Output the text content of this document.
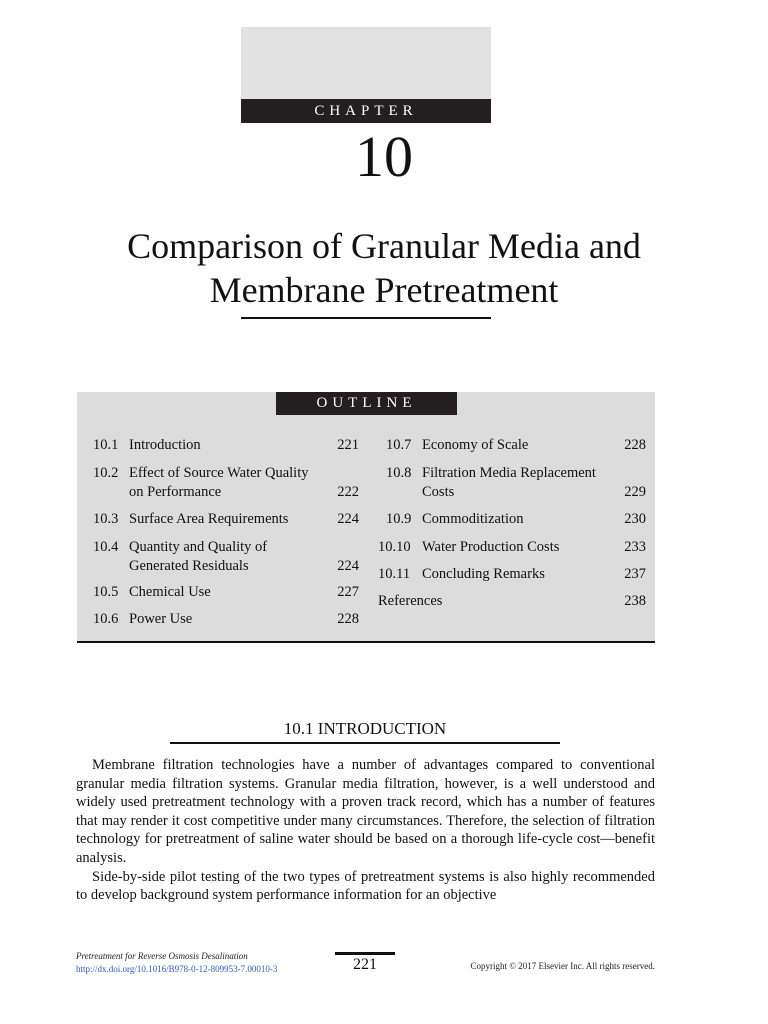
CHAPTER
10
Comparison of Granular Media and
Membrane Pretreatment
OUTLINE
10.1 Introduction	221
10.2 Effect of Source Water Quality
on Performance	222
10.3 Surface Area Requirements	224
10.4 Quantity and Quality of
Generated Residuals	224
10.5 Chemical Use	227
10.6 Power Use	228
10.7 Economy of Scale	228
10.8 Filtration Media Replacement
Costs	229
10.9 Commoditization	230
10.10 Water Production Costs	233
10.11 Concluding Remarks	237
References	238
10.1 INTRODUCTION

Membrane filtration technologies have a number of advantages compared to conventional granular media filtration systems. Granular media filtration, however, is a well understood and widely used pretreatment technology with a proven track record, which has a number of features that may render it cost competitive under many circumstances. Therefore, the selection of filtration technology for pretreatment of saline water should be based on a thorough life-cycle cost—benefit analysis.

Side-by-side pilot testing of the two types of pretreatment systems is also highly recommended to develop background system performance information for an objective

Pretreatment for Reverse Osmosis Desalination
http://dx.doi.org/10.1016/B978-0-12-809953-7.00010-3	221	Copyright © 2017 Elsevier Inc. All rights reserved.
